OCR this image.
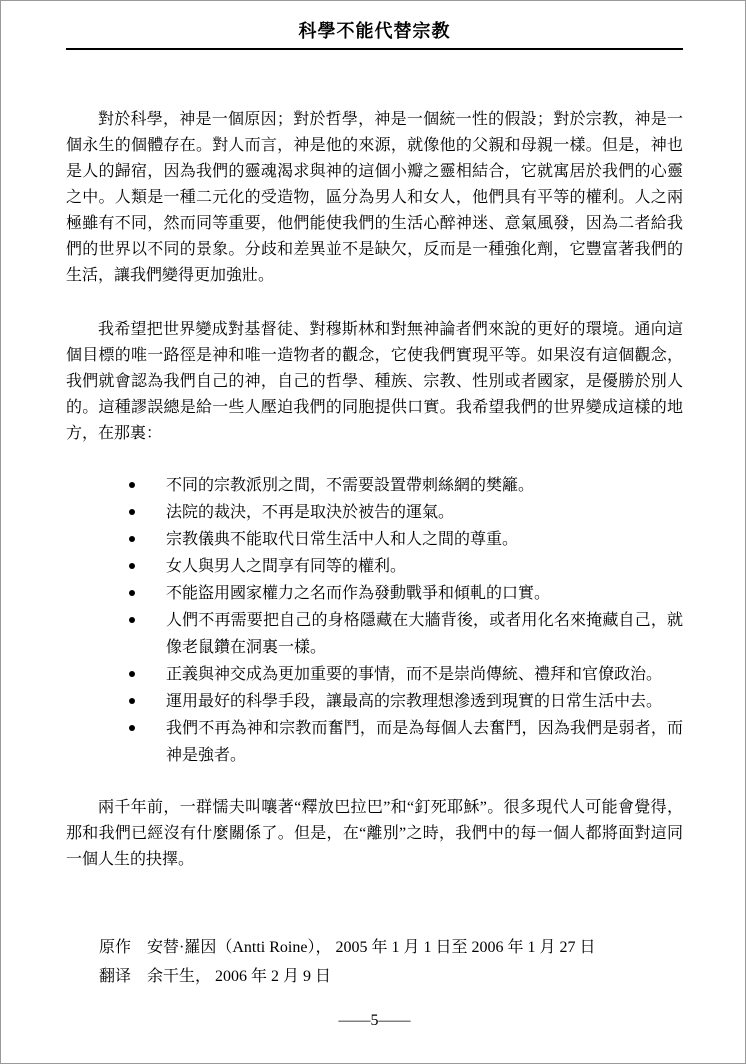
科學不能代替宗教

對於科學，神是一個原因；對於哲學，神是一個統一性的假設；對於宗教，神是一個永生的個體存在。對人而言，神是他的來源，就像他的父親和母親一樣。但是，神也是人的歸宿，因為我們的靈魂渴求與神的這個小瓣之靈相結合，它就寓居於我們的心靈之中。人類是一種二元化的受造物，區分為男人和女人，他們具有平等的權利。人之兩極雖有不同，然而同等重要，他們能使我們的生活心醉神迷、意氣風發，因為二者給我們的世界以不同的景象。分歧和差異並不是缺欠，反而是一種強化劑，它豐富著我們的生活，讓我們變得更加強壯。

我希望把世界變成對基督徒、對穆斯林和對無神論者們來說的更好的環境。通向這個目標的唯一路徑是神和唯一造物者的觀念，它使我們實現平等。如果沒有這個觀念，我們就會認為我們自己的神，自己的哲學、種族、宗教、性別或者國家，是優勝於別人的。這種謬誤總是給一些人壓迫我們的同胞提供口實。我希望我們的世界變成這樣的地方，在那裏：

不同的宗教派別之間，不需要設置帶刺絲網的樊籬。
法院的裁決，不再是取決於被告的運氣。
宗教儀典不能取代日常生活中人和人之間的尊重。
女人與男人之間享有同等的權利。
不能盜用國家權力之名而作為發動戰爭和傾軋的口實。
人們不再需要把自己的身格隱藏在大牆背後，或者用化名來掩藏自己，就像老鼠鑽在洞裏一樣。
正義與神交成為更加重要的事情，而不是崇尚傳統、禮拜和官僚政治。
運用最好的科學手段，讓最高的宗教理想滲透到現實的日常生活中去。
我們不再為神和宗教而奮鬥，而是為每個人去奮鬥，因為我們是弱者，而神是強者。

兩千年前，一群懦夫叫嚷著“釋放巴拉巴”和“釘死耶穌”。很多現代人可能會覺得，那和我們已經沒有什麼關係了。但是，在“離別”之時，我們中的每一個人都將面對這同一個人生的抉擇。

原作　安替·羅因（Antti Roine）， 2005 年 1 月 1 日至 2006 年 1 月 27 日
翻译　余干生， 2006 年 2 月 9 日
——5——
